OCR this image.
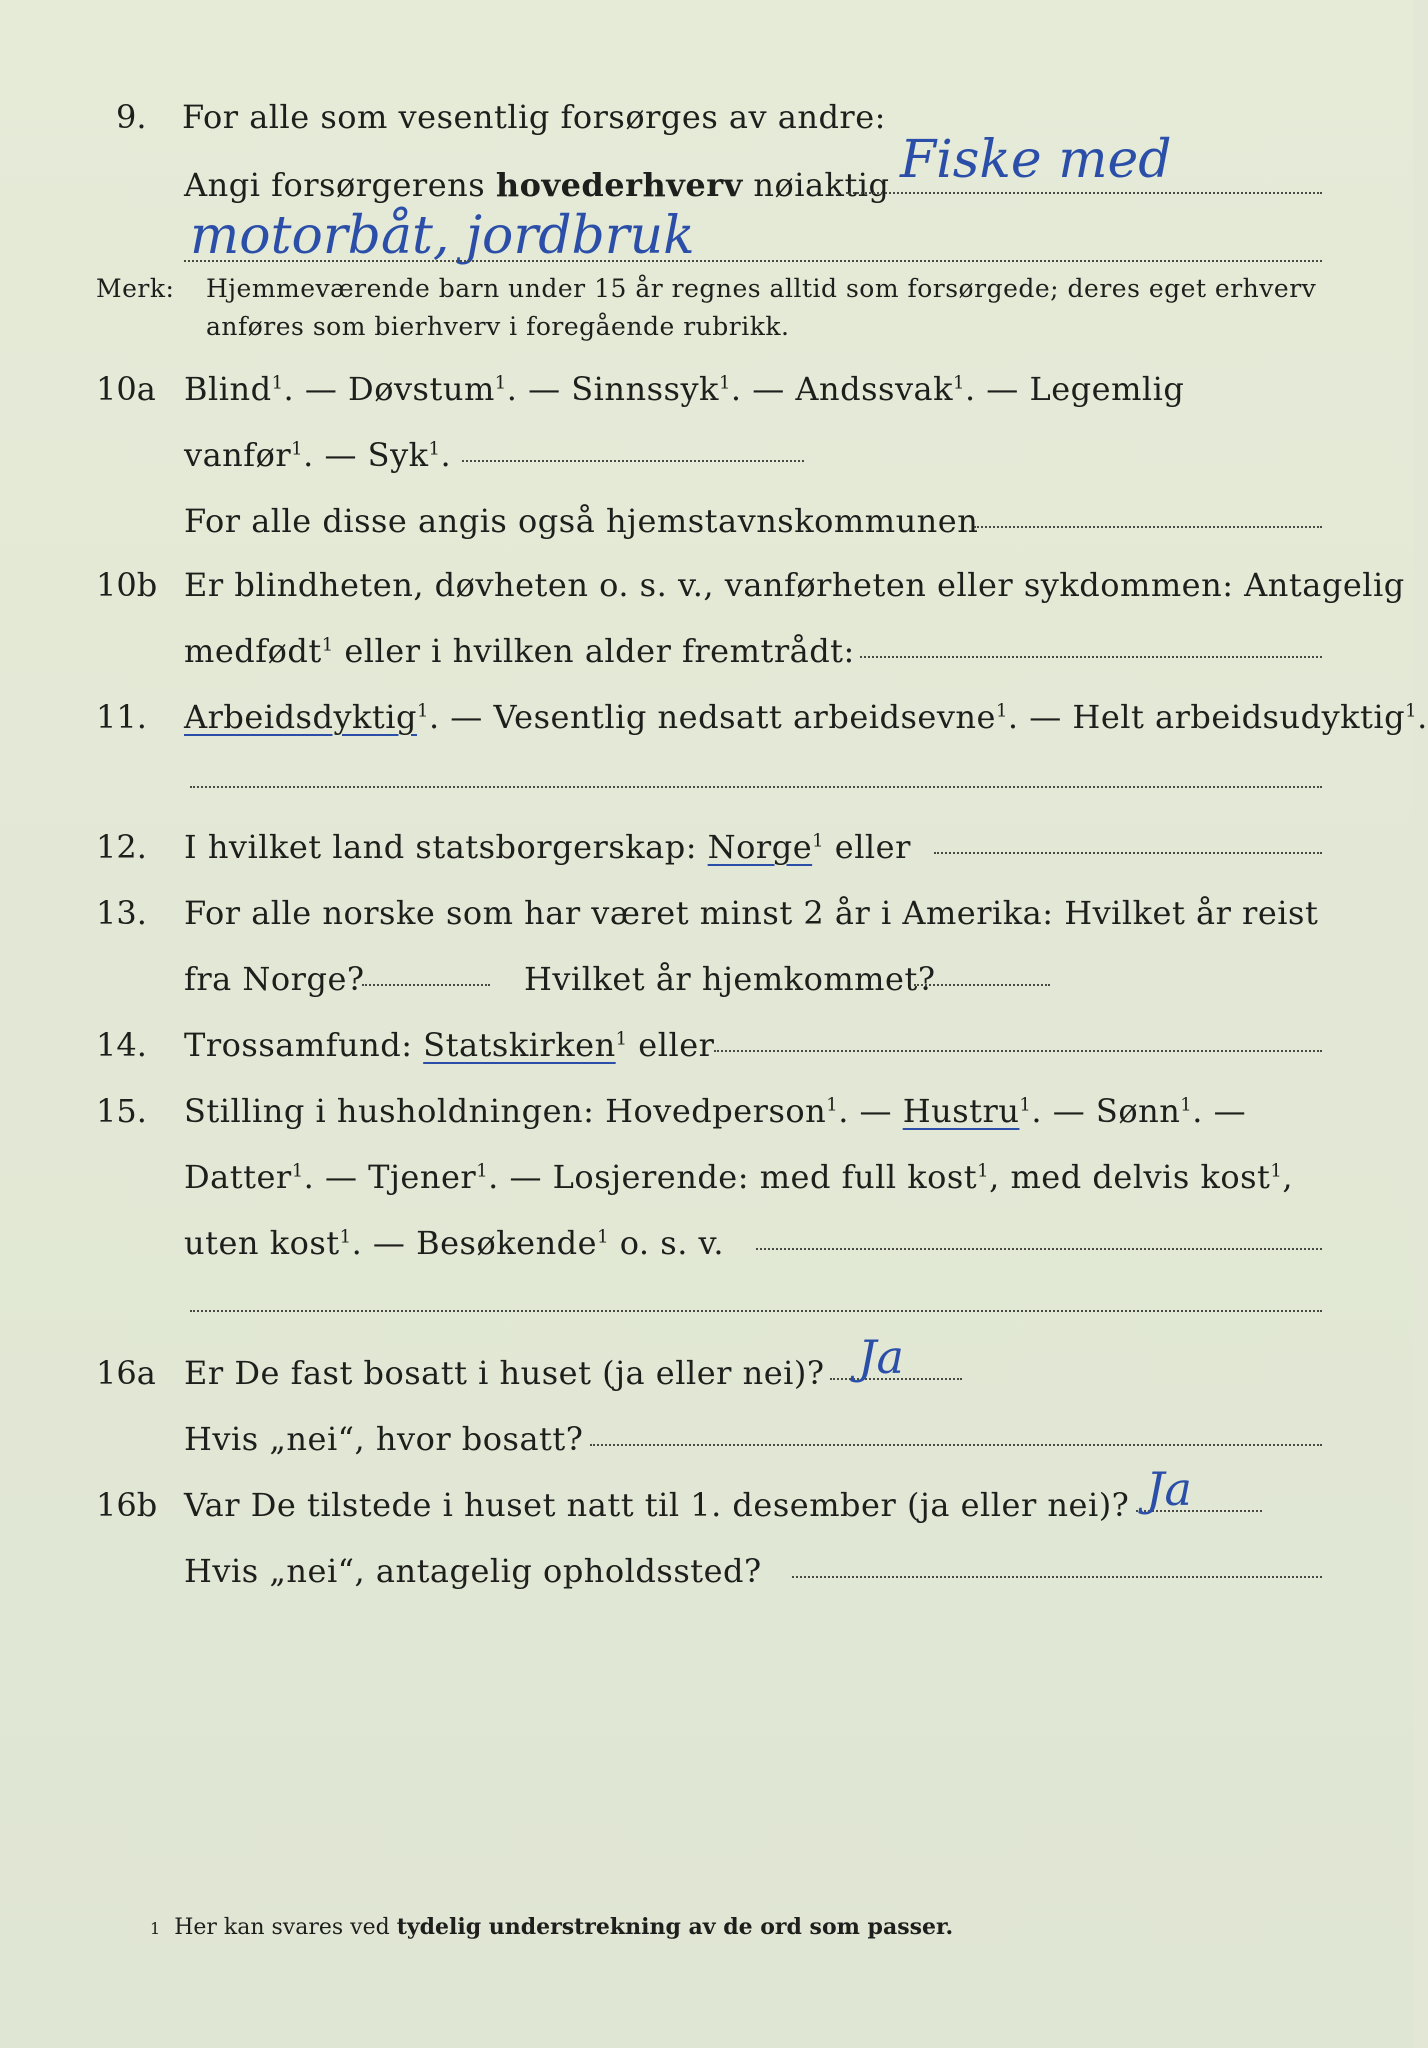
9. For alle som vesentlig forsørges av andre:
Angi forsørgerens hovederhverv nøiaktig Fiske med
motorbåt, jordbruk
Merk: Hjemmeværende barn under 15 år regnes alltid som forsørgede; deres eget erhverv
anføres som bierhverv i foregående rubrikk.
10a Blind$^1$. — Døvstum$^1$. — Sinnssyk$^1$. — Andssvak$^1$. — Legemlig
vanfør$^1$. — Syk$^1$.
For alle disse angis også hjemstavnskommunen
10b Er blindheten, døvheten o. s. v., vanførheten eller sykdommen: Antagelig
medfødt$^1$ eller i hvilken alder fremtrådt:
11. Arbeidsdyktig$^1$. — Vesentlig nedsatt arbeidsevne$^1$. — Helt arbeidsudyktig$^1$.
12. I hvilket land statsborgerskap: Norge$^1$ eller
13. For alle norske som har været minst 2 år i Amerika: Hvilket år reist
fra Norge?	Hvilket år hjemkommet?
14. Trossamfund: Statskirken$^1$ eller
15. Stilling i husholdningen: Hovedperson$^1$. — Hustru$^1$. — Sønn$^1$. —
Datter$^1$. — Tjener$^1$. — Losjerende: med full kost$^1$, med delvis kost$^1$,
uten kost$^1$. — Besøkende$^1$ o. s. v.
16a Er De fast bosatt i huset (ja eller nei)? Ja
Hvis „nei“, hvor bosatt?
16b Var De tilstede i huset natt til 1. desember (ja eller nei)? Ja
Hvis „nei“, antagelig opholdssted?
1 Her kan svares ved tydelig understrekning av de ord som passer.
